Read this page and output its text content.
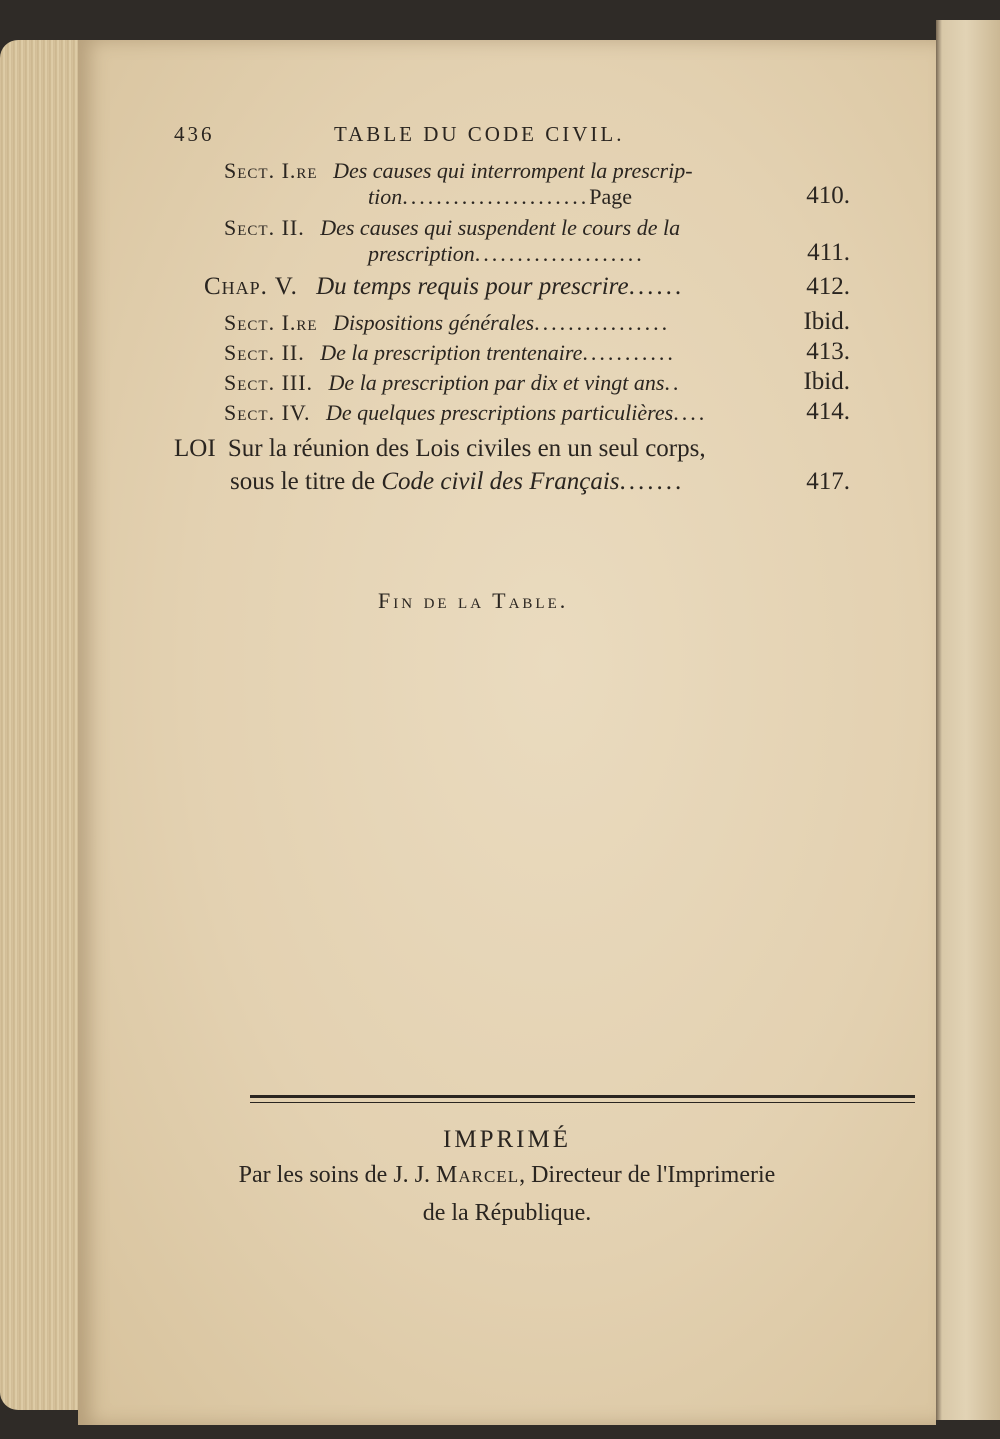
436	TABLE DU CODE CIVIL.
Sect. I.re Des causes qui interrompent la prescrip-
tion......................Page	410.
Sect. II. Des causes qui suspendent le cours de la
prescription....................	411.
Chap. V. Du temps requis pour prescrire......	412.
Sect. I.re Dispositions générales................	Ibid.
Sect. II. De la prescription trentenaire...........	413.
Sect. III. De la prescription par dix et vingt ans..	Ibid.
Sect. IV. De quelques prescriptions particulières....	414.
LOI Sur la réunion des Lois civiles en un seul corps,
sous le titre de Code civil des Français.......	417.
Fin de la Table.
IMPRIMÉ
Par les soins de J. J. Marcel, Directeur de l'Imprimerie
de la République.
